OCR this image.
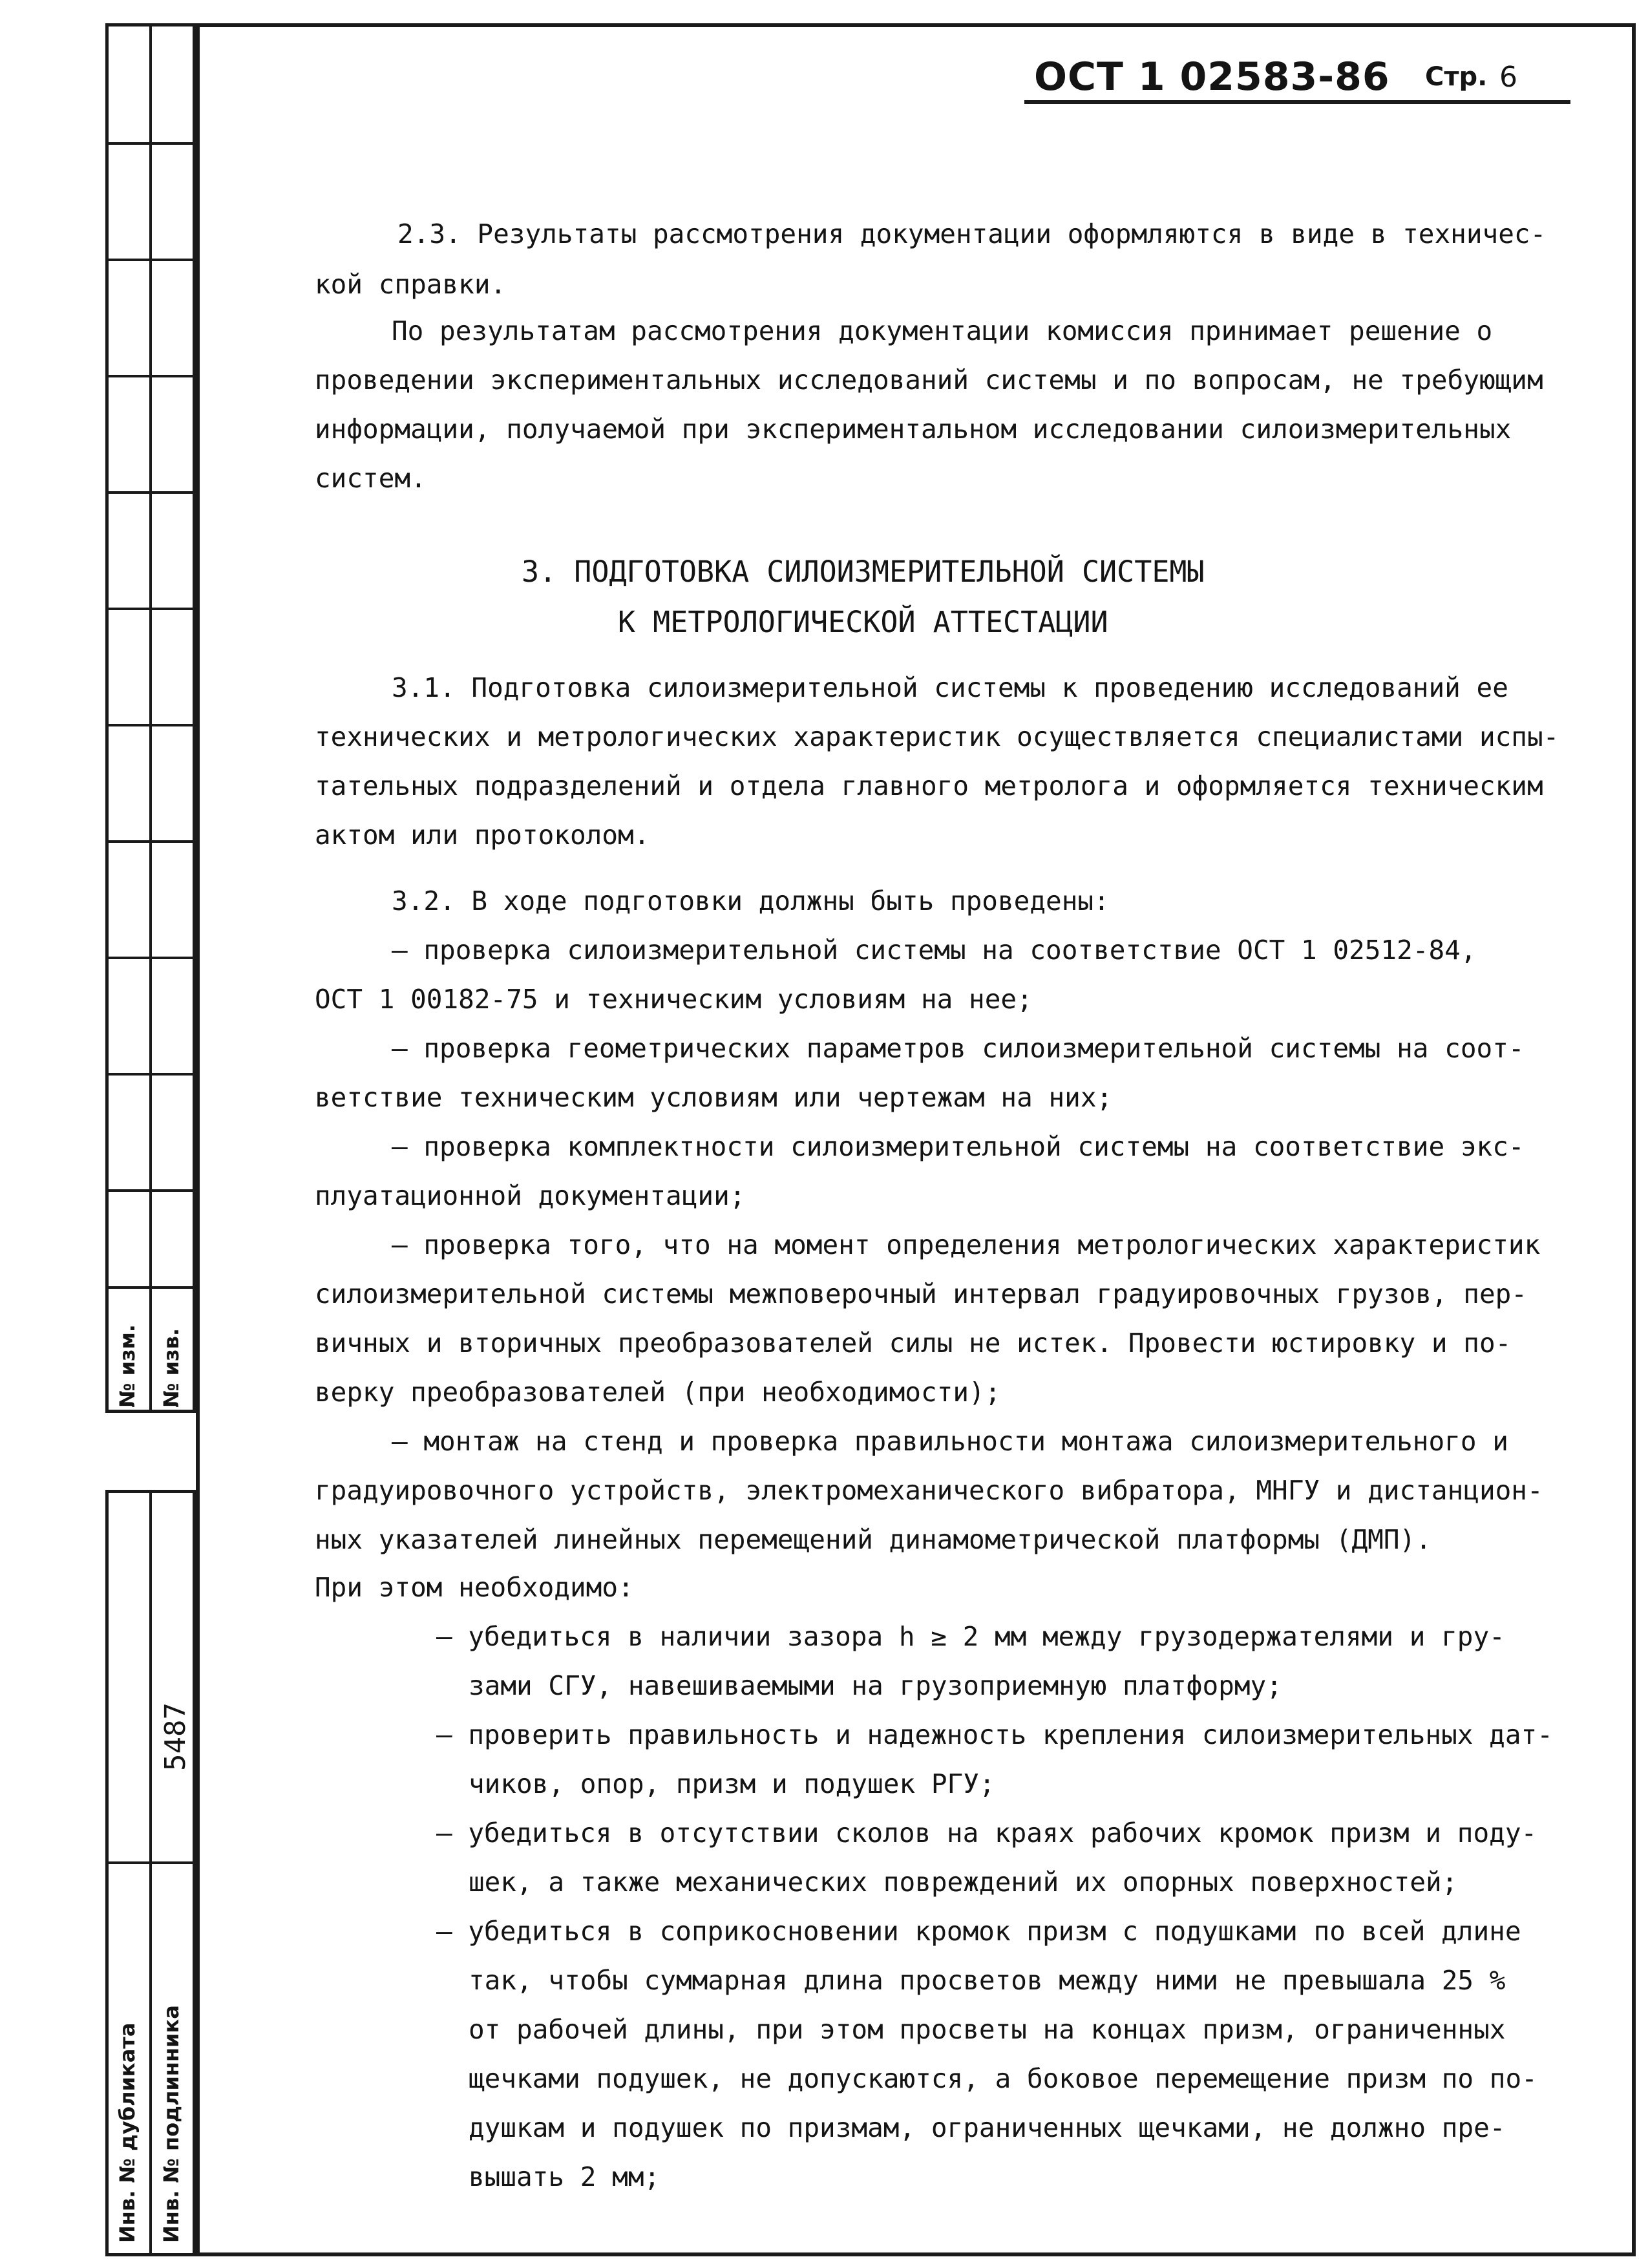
№ изм. № изв.
5487
Инв. № дубликата Инв. № подлинника
ОСТ 1 02583-86 Стр. 6
2.3. Результаты рассмотрения документации оформляются в виде в техничес-
кой справки.
По результатам рассмотрения документации комиссия принимает решение о
проведении экспериментальных исследований системы и по вопросам, не требующим
информации, получаемой при экспериментальном исследовании силоизмерительных
систем.
3. ПОДГОТОВКА СИЛОИЗМЕРИТЕЛЬНОЙ СИСТЕМЫ
К МЕТРОЛОГИЧЕСКОЙ АТТЕСТАЦИИ
3.1. Подготовка силоизмерительной системы к проведению исследований ее
технических и метрологических характеристик осуществляется специалистами испы-
тательных подразделений и отдела главного метролога и оформляется техническим
актом или протоколом.
3.2. В ходе подготовки должны быть проведены:
– проверка силоизмерительной системы на соответствие ОСТ 1 02512-84,
ОСТ 1 00182-75 и техническим условиям на нее;
– проверка геометрических параметров силоизмерительной системы на соот-
ветствие техническим условиям или чертежам на них;
– проверка комплектности силоизмерительной системы на соответствие экс-
плуатационной документации;
– проверка того, что на момент определения метрологических характеристик
силоизмерительной системы межповерочный интервал градуировочных грузов, пер-
вичных и вторичных преобразователей силы не истек. Провести юстировку и по-
верку преобразователей (при необходимости);
– монтаж на стенд и проверка правильности монтажа силоизмерительного и
градуировочного устройств, электромеханического вибратора, МНГУ и дистанцион-
ных указателей линейных перемещений динамометрической платформы (ДМП).
При этом необходимо:
– убедиться в наличии зазора h ≥ 2 мм между грузодержателями и гру-
зами СГУ, навешиваемыми на грузоприемную платформу;
– проверить правильность и надежность крепления силоизмерительных дат-
чиков, опор, призм и подушек РГУ;
– убедиться в отсутствии сколов на краях рабочих кромок призм и поду-
шек, а также механических повреждений их опорных поверхностей;
– убедиться в соприкосновении кромок призм с подушками по всей длине
так, чтобы суммарная длина просветов между ними не превышала 25 %
от рабочей длины, при этом просветы на концах призм, ограниченных
щечками подушек, не допускаются, а боковое перемещение призм по по-
душкам и подушек по призмам, ограниченных щечками, не должно пре-
вышать 2 мм;
